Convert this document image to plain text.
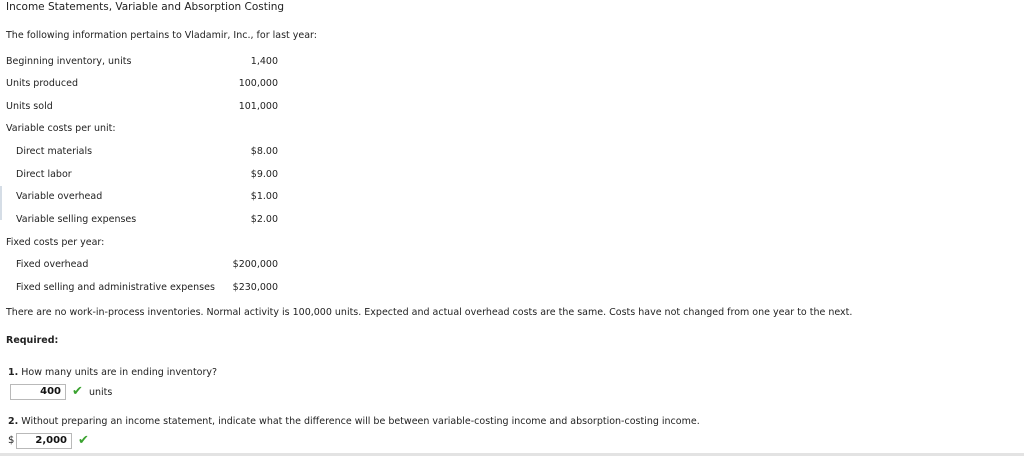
Income Statements, Variable and Absorption Costing
The following information pertains to Vladamir, Inc., for last year:
Beginning inventory, units	1,400
Units produced	100,000
Units sold	101,000
Variable costs per unit:
Direct materials	$8.00
Direct labor	$9.00
Variable overhead	$1.00
Variable selling expenses	$2.00
Fixed costs per year:
Fixed overhead	$200,000
Fixed selling and administrative expenses $230,000
There are no work-in-process inventories. Normal activity is 100,000 units. Expected and actual overhead costs are the same. Costs have not changed from one year to the next.
Required:
1. How many units are in ending inventory?
400 ✔ units
2. Without preparing an income statement, indicate what the difference will be between variable-costing income and absorption-costing income.
$	2,000 ✔
